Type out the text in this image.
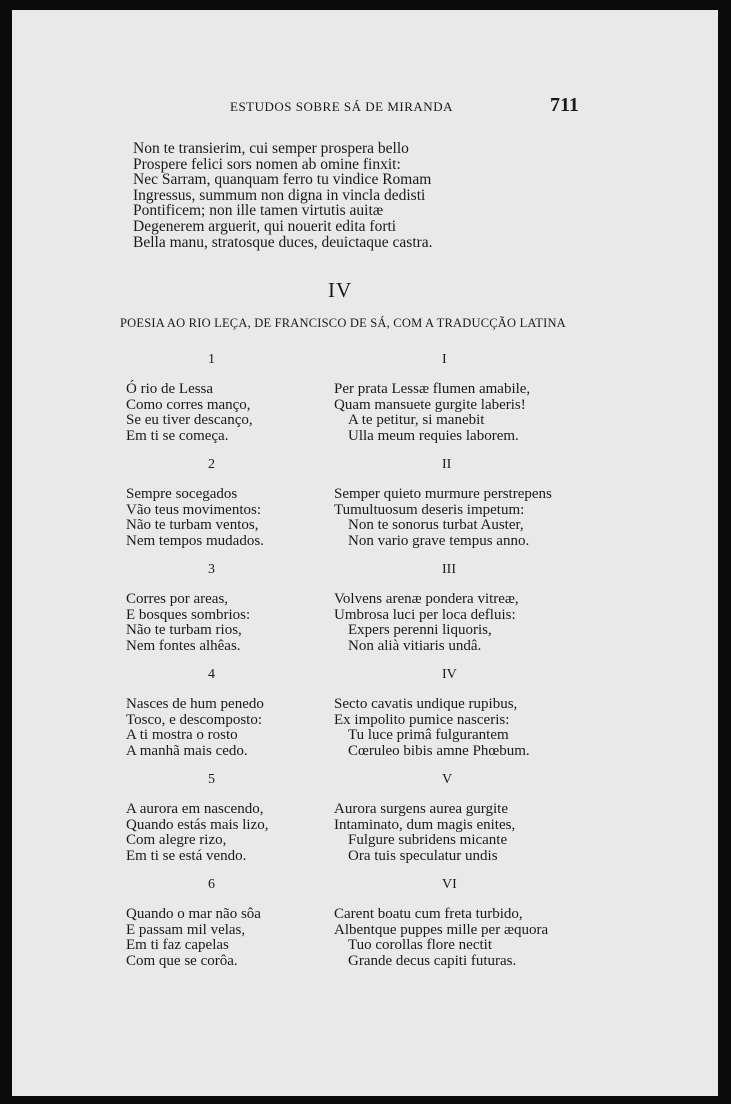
ESTUDOS SOBRE SÁ DE MIRANDA	711
Non te transierim, cui semper prospera bello
Prospere felici sors nomen ab omine finxit:
Nec Sarram, quanquam ferro tu vindice Romam
Ingressus, summum non digna in vincla dedisti
Pontificem; non ille tamen virtutis auitæ
Degenerem arguerit, qui nouerit edita forti
Bella manu, stratosque duces, deuictaque castra.
IV
POESIA AO RIO LEÇA, DE FRANCISCO DE SÁ, COM A TRADUCÇÃO LATINA
1
Ó rio de Lessa
Como corres manço,
Se eu tiver descanço,
Em ti se começa.
2
Sempre socegados
Vão teus movimentos:
Não te turbam ventos,
Nem tempos mudados.
3
Corres por areas,
E bosques sombrios:
Não te turbam rios,
Nem fontes alhêas.
4
Nasces de hum penedo
Tosco, e descomposto:
A ti mostra o rosto
A manhã mais cedo.
5
A aurora em nascendo,
Quando estás mais lizo,
Com alegre rizo,
Em ti se está vendo.
6
Quando o mar não sôa
E passam mil velas,
Em ti faz capelas
Com que se corôa.
I
Per prata Lessæ flumen amabile,
Quam mansuete gurgite laberis!
A te petitur, si manebit
Ulla meum requies laborem.
II
Semper quieto murmure perstrepens
Tumultuosum deseris impetum:
Non te sonorus turbat Auster,
Non vario grave tempus anno.
III
Volvens arenæ pondera vitreæ,
Umbrosa luci per loca defluis:
Expers perenni liquoris,
Non alià vitiaris undâ.
IV
Secto cavatis undique rupibus,
Ex impolito pumice nasceris:
Tu luce primâ fulgurantem
Cœruleo bibis amne Phœbum.
V
Aurora surgens aurea gurgite
Intaminato, dum magis enites,
Fulgure subridens micante
Ora tuis speculatur undis
VI
Carent boatu cum freta turbido,
Albentque puppes mille per æquora
Tuo corollas flore nectit
Grande decus capiti futuras.
